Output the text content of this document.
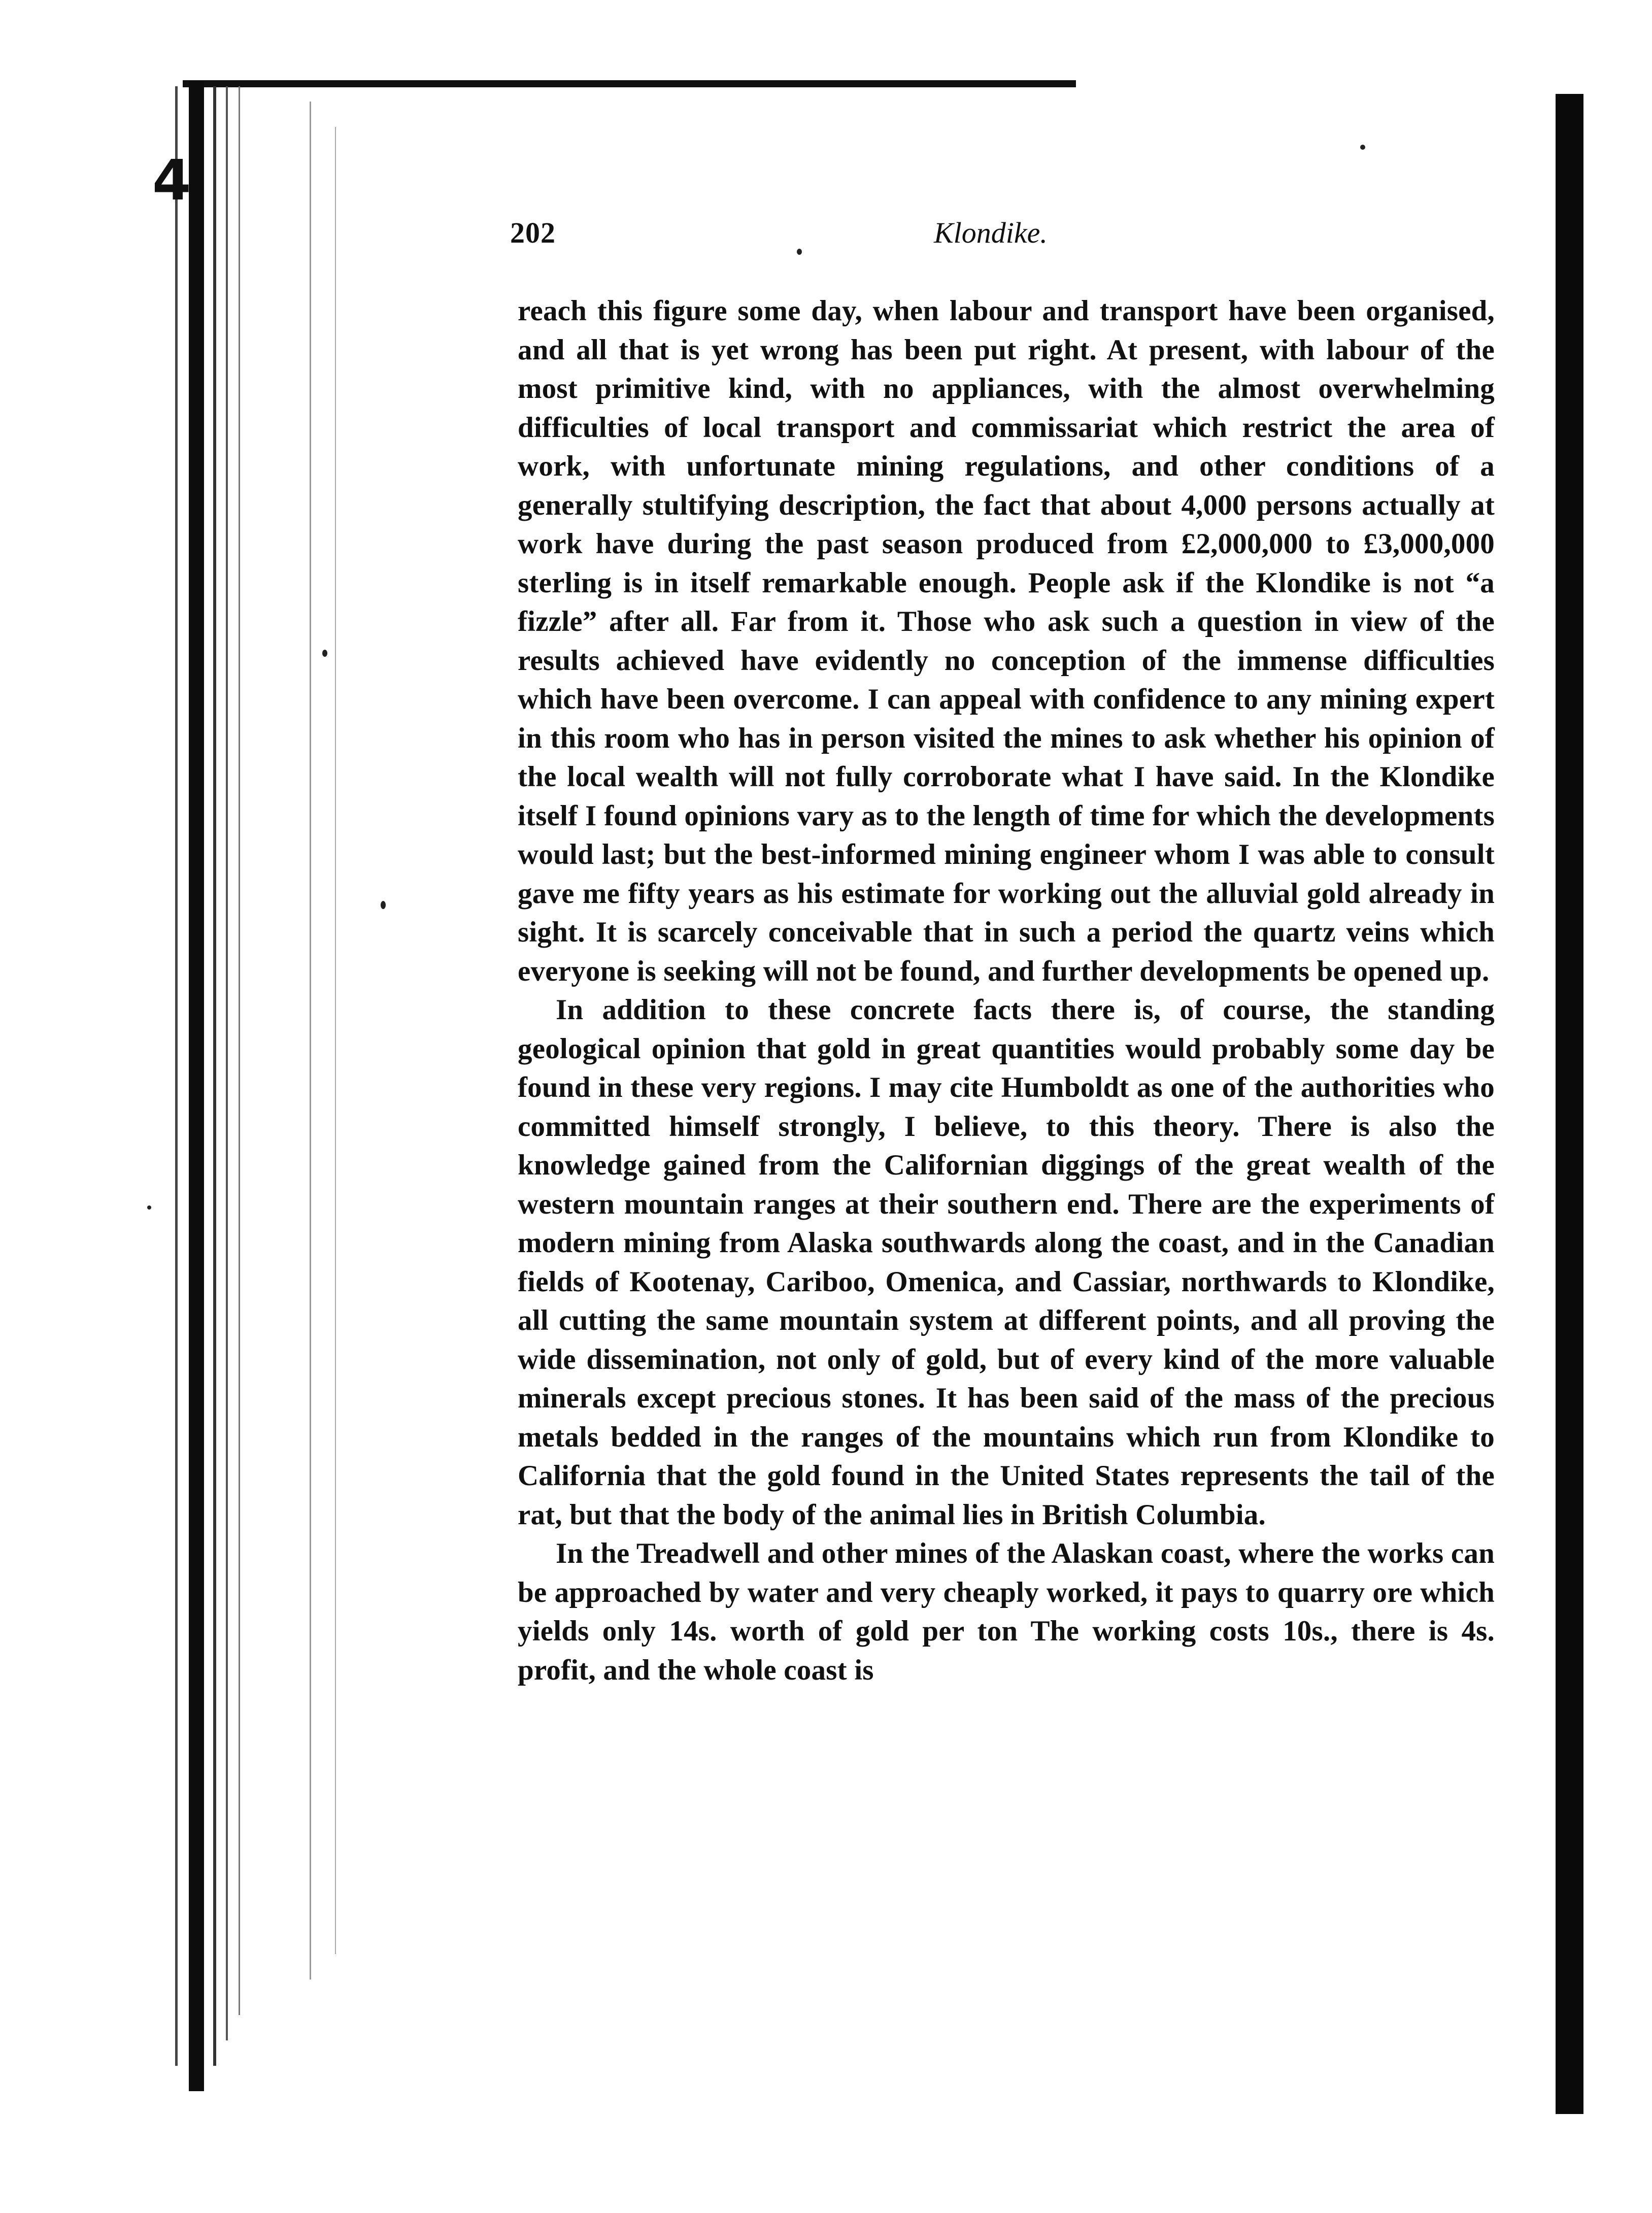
4
202	Klondike.

reach this figure some day, when labour and transport have been organised, and all that is yet wrong has been put right. At present, with labour of the most primitive kind, with no appliances, with the almost overwhelming difficulties of local transport and commissariat which restrict the area of work, with unfortunate mining regulations, and other conditions of a generally stultifying description, the fact that about 4,000 persons actually at work have during the past season produced from £2,000,000 to £3,000,000 sterling is in itself remarkable enough. People ask if the Klondike is not “a fizzle” after all. Far from it. Those who ask such a question in view of the results achieved have evidently no conception of the immense difficulties which have been overcome. I can appeal with confidence to any mining expert in this room who has in person visited the mines to ask whether his opinion of the local wealth will not fully corroborate what I have said. In the Klondike itself I found opinions vary as to the length of time for which the developments would last; but the best-informed mining engineer whom I was able to consult gave me fifty years as his estimate for working out the alluvial gold already in sight. It is scarcely conceivable that in such a period the quartz veins which everyone is seeking will not be found, and further developments be opened up.

In addition to these concrete facts there is, of course, the standing geological opinion that gold in great quantities would probably some day be found in these very regions. I may cite Humboldt as one of the authorities who committed himself strongly, I believe, to this theory. There is also the knowledge gained from the Californian diggings of the great wealth of the western mountain ranges at their southern end. There are the experiments of modern mining from Alaska southwards along the coast, and in the Canadian fields of Kootenay, Cariboo, Omenica, and Cassiar, northwards to Klondike, all cutting the same mountain system at different points, and all proving the wide dissemination, not only of gold, but of every kind of the more valuable minerals except precious stones. It has been said of the mass of the precious metals bedded in the ranges of the mountains which run from Klondike to California that the gold found in the United States represents the tail of the rat, but that the body of the animal lies in British Columbia.

In the Treadwell and other mines of the Alaskan coast, where the works can be approached by water and very cheaply worked, it pays to quarry ore which yields only 14s. worth of gold per ton The working costs 10s., there is 4s. profit, and the whole coast is
